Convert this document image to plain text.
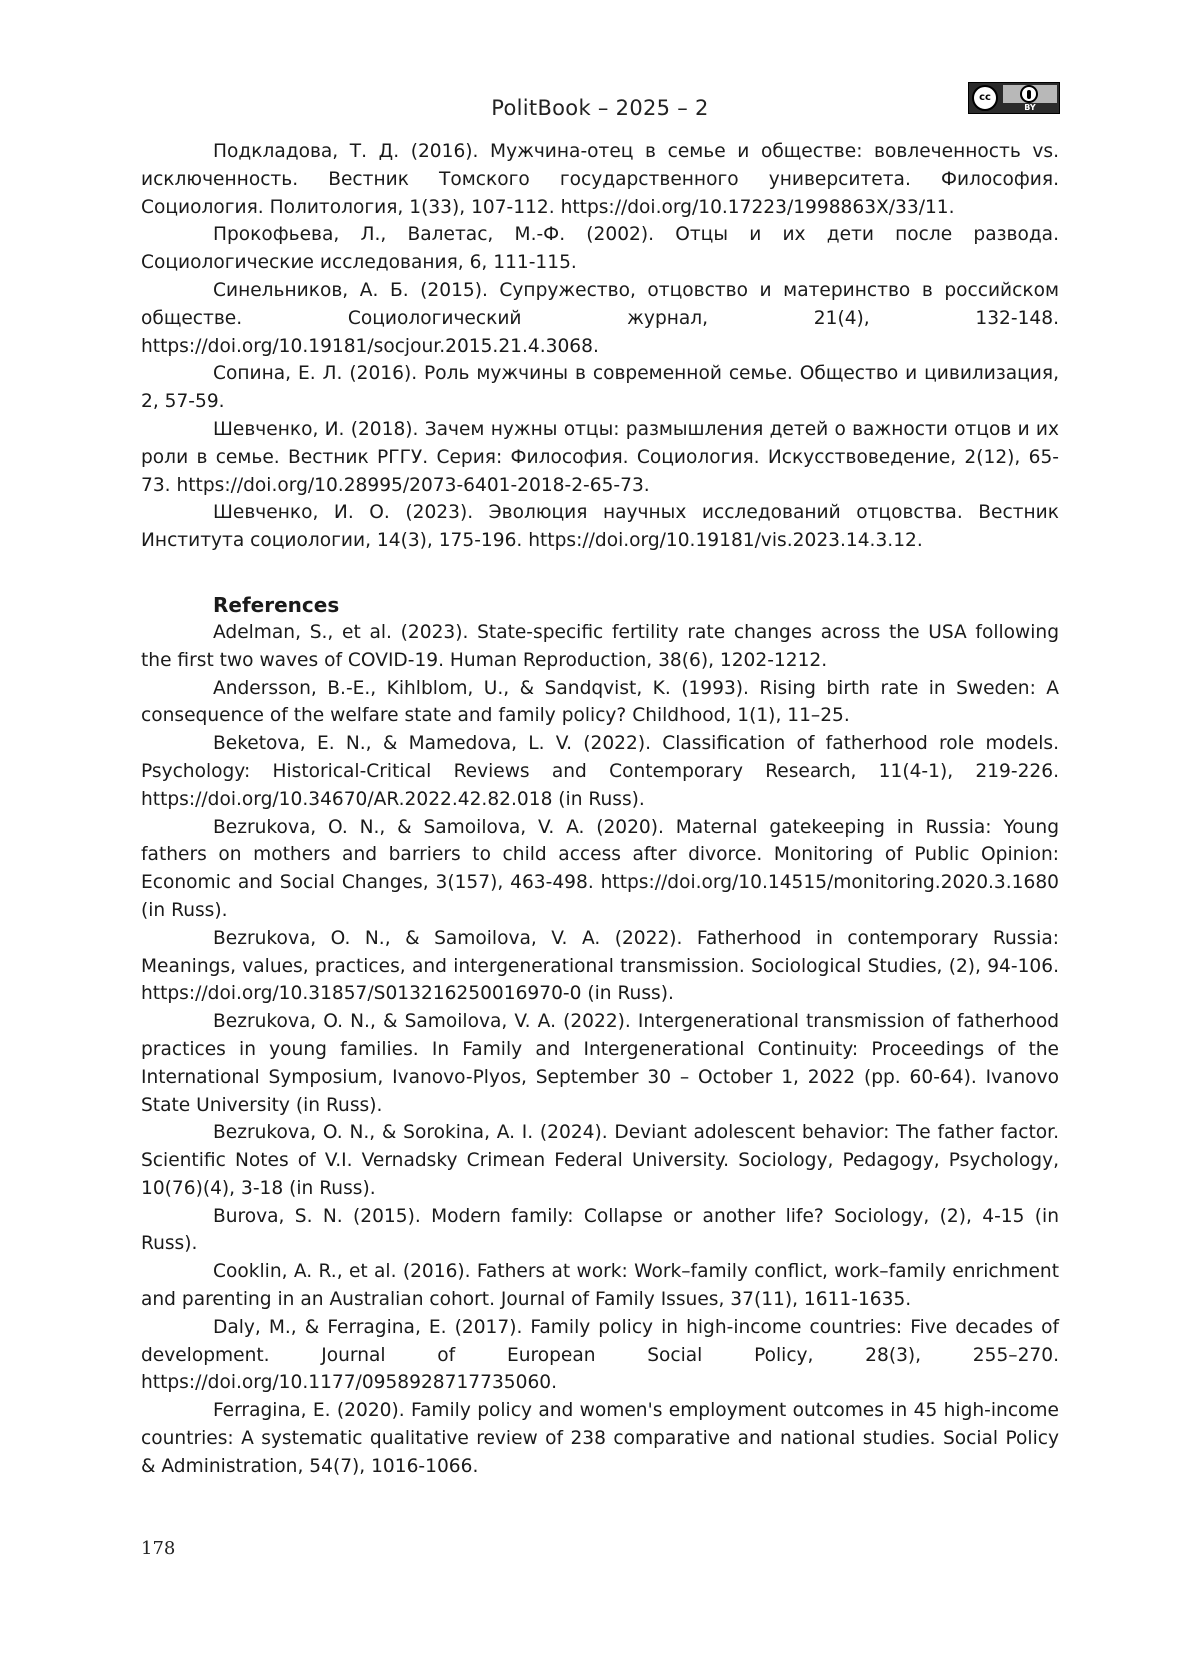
PolitBook – 2025 – 2	cc
BY

Подкладова, Т. Д. (2016). Мужчина-отец в семье и обществе: вовлеченность vs. исключенность. Вестник Томского государственного университета. Философия. Социология. Политология, 1(33), 107-112. https://doi.org/10.17223/1998863X/33/11.

Прокофьева, Л., Валетас, М.-Ф. (2002). Отцы и их дети после развода. Социологические исследования, 6, 111-115.

Синельников, А. Б. (2015). Супружество, отцовство и материнство в российском обществе. Социологический журнал, 21(4), 132-148. https://doi.org/10.19181/socjour.2015.21.4.3068.

Сопина, Е. Л. (2016). Роль мужчины в современной семье. Общество и цивилизация, 2, 57-59.

Шевченко, И. (2018). Зачем нужны отцы: размышления детей о важности отцов и их роли в семье. Вестник РГГУ. Серия: Философия. Социология. Искусствоведение, 2(12), 65-73. https://doi.org/10.28995/2073-6401-2018-2-65-73.

Шевченко, И. О. (2023). Эволюция научных исследований отцовства. Вестник Института социологии, 14(3), 175-196. https://doi.org/10.19181/vis.2023.14.3.12.

References

Adelman, S., et al. (2023). State-specific fertility rate changes across the USA following the first two waves of COVID-19. Human Reproduction, 38(6), 1202-1212.

Andersson, B.-E., Kihlblom, U., & Sandqvist, K. (1993). Rising birth rate in Sweden: A consequence of the welfare state and family policy? Childhood, 1(1), 11–25.

Beketova, E. N., & Mamedova, L. V. (2022). Classification of fatherhood role models. Psychology: Historical-Critical Reviews and Contemporary Research, 11(4-1), 219-226. https://doi.org/10.34670/AR.2022.42.82.018 (in Russ).

Bezrukova, O. N., & Samoilova, V. A. (2020). Maternal gatekeeping in Russia: Young fathers on mothers and barriers to child access after divorce. Monitoring of Public Opinion: Economic and Social Changes, 3(157), 463-498. https://doi.org/10.14515/monitoring.2020.3.1680 (in Russ).

Bezrukova, O. N., & Samoilova, V. A. (2022). Fatherhood in contemporary Russia: Meanings, values, practices, and intergenerational transmission. Sociological Studies, (2), 94-106. https://doi.org/10.31857/S013216250016970-0 (in Russ).

Bezrukova, O. N., & Samoilova, V. A. (2022). Intergenerational transmission of fatherhood practices in young families. In Family and Intergenerational Continuity: Proceedings of the International Symposium, Ivanovo-Plyos, September 30 – October 1, 2022 (pp. 60-64). Ivanovo State University (in Russ).

Bezrukova, O. N., & Sorokina, A. I. (2024). Deviant adolescent behavior: The father factor. Scientific Notes of V.I. Vernadsky Crimean Federal University. Sociology, Pedagogy, Psychology, 10(76)(4), 3-18 (in Russ).

Burova, S. N. (2015). Modern family: Collapse or another life? Sociology, (2), 4-15 (in Russ).

Cooklin, A. R., et al. (2016). Fathers at work: Work–family conflict, work–family enrichment and parenting in an Australian cohort. Journal of Family Issues, 37(11), 1611-1635.

Daly, M., & Ferragina, E. (2017). Family policy in high-income countries: Five decades of development. Journal of European Social Policy, 28(3), 255–270. https://doi.org/10.1177/0958928717735060.

Ferragina, E. (2020). Family policy and women's employment outcomes in 45 high-income countries: A systematic qualitative review of 238 comparative and national studies. Social Policy & Administration, 54(7), 1016-1066.

178
